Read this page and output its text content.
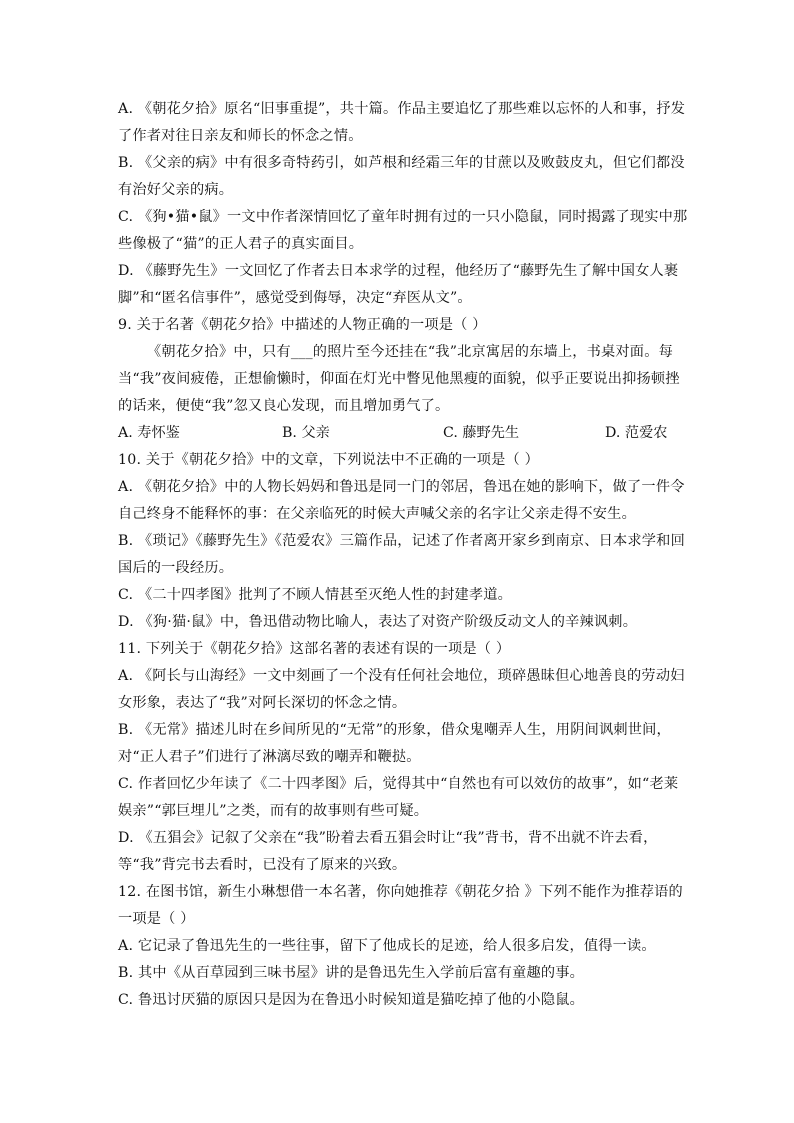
A. 《朝花夕拾》原名“旧事重提”，共十篇。作品主要追忆了那些难以忘怀的人和事，抒发
了作者对往日亲友和师长的怀念之情。
B. 《父亲的病》中有很多奇特药引，如芦根和经霜三年的甘蔗以及败鼓皮丸，但它们都没
有治好父亲的病。
C. 《狗•猫•鼠》一文中作者深情回忆了童年时拥有过的一只小隐鼠，同时揭露了现实中那
些像极了“猫”的正人君子的真实面目。
D. 《藤野先生》一文回忆了作者去日本求学的过程，他经历了“藤野先生了解中国女人裹
脚”和“匿名信事件”，感觉受到侮辱，决定“弃医从文”。
9. 关于名著《朝花夕拾》中描述的人物正确的一项是（ ）
《朝花夕拾》中，只有___的照片至今还挂在“我”北京寓居的东墙上，书桌对面。每
当“我”夜间疲倦，正想偷懒时，仰面在灯光中瞥见他黑瘦的面貌，似乎正要说出抑扬顿挫
的话来，便使“我”忽又良心发现，而且增加勇气了。
A. 寿怀鉴	B. 父亲	C. 藤野先生	D. 范爱农
10. 关于《朝花夕拾》中的文章，下列说法中不正确的一项是（ ）
A. 《朝花夕拾》中的人物长妈妈和鲁迅是同一门的邻居，鲁迅在她的影响下，做了一件令
自己终身不能释怀的事：在父亲临死的时候大声喊父亲的名字让父亲走得不安生。
B. 《琐记》《藤野先生》《范爱农》三篇作品，记述了作者离开家乡到南京、日本求学和回
国后的一段经历。
C. 《二十四孝图》批判了不顾人情甚至灭绝人性的封建孝道。
D. 《狗·猫·鼠》中，鲁迅借动物比喻人，表达了对资产阶级反动文人的辛辣讽刺。
11. 下列关于《朝花夕拾》这部名著的表述有误的一项是（ ）
A. 《阿长与山海经》一文中刻画了一个没有任何社会地位，琐碎愚昧但心地善良的劳动妇
女形象，表达了“我”对阿长深切的怀念之情。
B. 《无常》描述儿时在乡间所见的“无常”的形象，借众鬼嘲弄人生，用阴间讽刺世间，
对“正人君子”们进行了淋漓尽致的嘲弄和鞭挞。
C. 作者回忆少年读了《二十四孝图》后，觉得其中“自然也有可以效仿的故事”，如“老莱
娱亲”“郭巨埋儿”之类，而有的故事则有些可疑。
D. 《五猖会》记叙了父亲在“我”盼着去看五猖会时让“我”背书，背不出就不许去看，
等“我”背完书去看时，已没有了原来的兴致。
12. 在图书馆，新生小琳想借一本名著，你向她推荐《朝花夕拾 》下列不能作为推荐语的
一项是（ ）
A. 它记录了鲁迅先生的一些往事，留下了他成长的足迹，给人很多启发，值得一读。
B. 其中《从百草园到三味书屋》讲的是鲁迅先生入学前后富有童趣的事。
C. 鲁迅讨厌猫的原因只是因为在鲁迅小时候知道是猫吃掉了他的小隐鼠。
